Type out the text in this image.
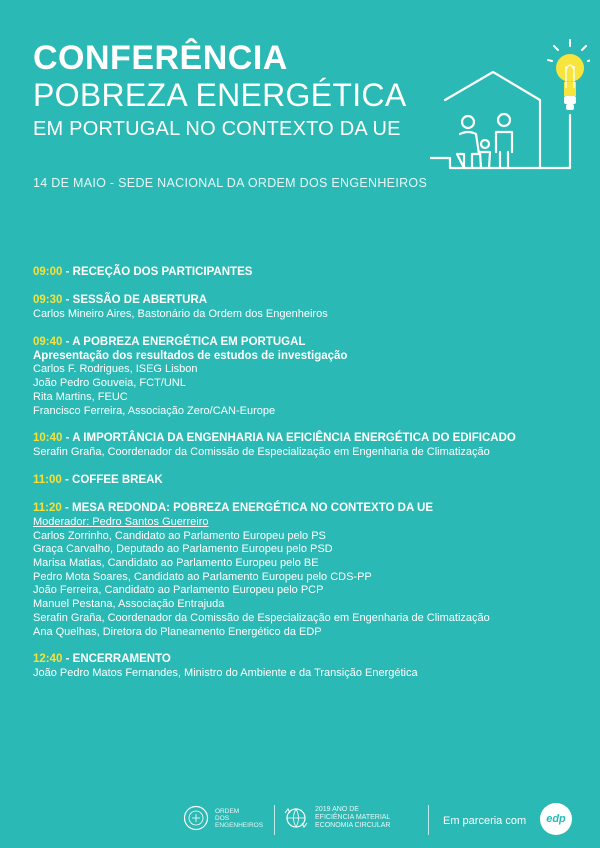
CONFERÊNCIA
POBREZA ENERGÉTICA
EM PORTUGAL NO CONTEXTO DA UE
14 DE MAIO - SEDE NACIONAL DA ORDEM DOS ENGENHEIROS
09:00 - RECEÇÃO DOS PARTICIPANTES
09:30 - SESSÃO DE ABERTURA
Carlos Mineiro Aires, Bastonário da Ordem dos Engenheiros
09:40 - A POBREZA ENERGÉTICA EM PORTUGAL
Apresentação dos resultados de estudos de investigação
Carlos F. Rodrigues, ISEG Lisbon
João Pedro Gouveia, FCT/UNL
Rita Martins, FEUC
Francisco Ferreira, Associação Zero/CAN-Europe
10:40 - A IMPORTÂNCIA DA ENGENHARIA NA EFICIÊNCIA ENERGÉTICA DO EDIFICADO
Serafin Graña, Coordenador da Comissão de Especialização em Engenharia de Climatização
11:00 - COFFEE BREAK
11:20 - MESA REDONDA: POBREZA ENERGÉTICA NO CONTEXTO DA UE
Moderador: Pedro Santos Guerreiro
Carlos Zorrinho, Candidato ao Parlamento Europeu pelo PS
Graça Carvalho, Deputado ao Parlamento Europeu pelo PSD
Marisa Matias, Candidato ao Parlamento Europeu pelo BE
Pedro Mota Soares, Candidato ao Parlamento Europeu pelo CDS-PP
João Ferreira, Candidato ao Parlamento Europeu pelo PCP
Manuel Pestana, Associação Entrajuda
Serafin Graña, Coordenador da Comissão de Especialização em Engenharia de Climatização
Ana Quelhas, Diretora do Planeamento Energético da EDP
12:40 - ENCERRAMENTO
João Pedro Matos Fernandes, Ministro do Ambiente e da Transição Energética
ORDEM
DOS
ENGENHEIROS
2019 ANO DE
EFICIÊNCIA MATERIAL
ECONOMIA CIRCULAR	Em parceria com	edp
